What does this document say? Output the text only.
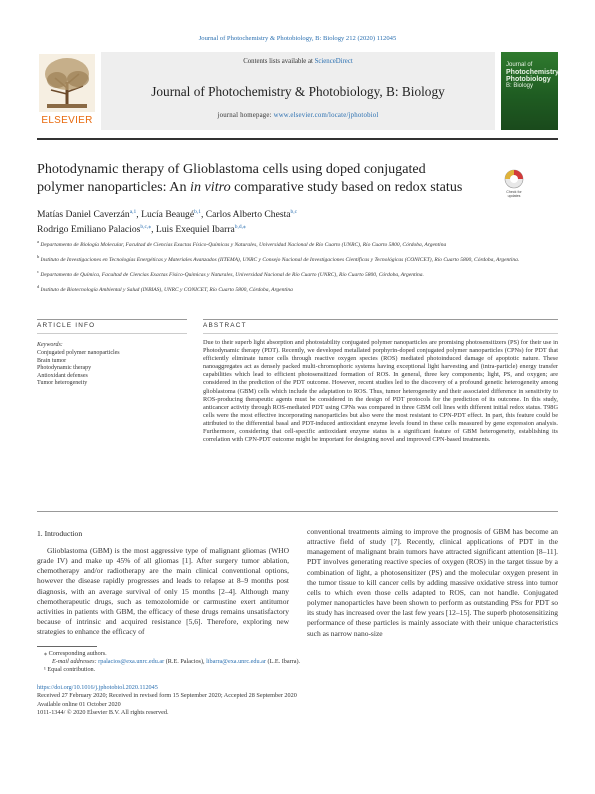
Journal of Photochemistry & Photobiology, B: Biology 212 (2020) 112045
ELSEVIER
Contents lists available at ScienceDirect
Journal of Photochemistry & Photobiology, B: Biology
journal homepage: www.elsevier.com/locate/jphotobiol
Journal of
Photochemistry
Photobiology
B: Biology
Photodynamic therapy of Glioblastoma cells using doped conjugated
polymer nanoparticles: An in vitro comparative study based on redox status	Check for
updates
Matías Daniel Caverzán$^{a,1}$, Lucía Beaugé$^{b,1}$, Carlos Alberto Chesta$^{b,c}$
Rodrigo Emiliano Palacios$^{b,c,⁎}$, Luis Exequiel Ibarra$^{b,d,⁎}$
$^a$ Departamento de Biología Molecular, Facultad de Ciencias Exactas Físico-Químicas y Naturales, Universidad Nacional de Río Cuarto (UNRC), Río Cuarto 5800, Córdoba, Argentina
$^b$ Instituto de Investigaciones en Tecnologías Energéticas y Materiales Avanzados (IITEMA), UNRC y Consejo Nacional de Investigaciones Científicas y Tecnológicas (CONICET), Río Cuarto 5800, Córdoba, Argentina.
$^c$ Departamento de Química, Facultad de Ciencias Exactas Físico-Químicas y Naturales, Universidad Nacional de Río Cuarto (UNRC), Río Cuarto 5800, Córdoba, Argentina.
$^d$ Instituto de Biotecnología Ambiental y Salud (INBIAS), UNRC y CONICET, Río Cuarto 5800, Córdoba, Argentina
ARTICLE INFO	ABSTRACT
Keywords:
Conjugated polymer nanoparticles
Brain tumor
Photodynamic therapy
Antioxidant defenses
Tumor heterogeneity
Due to their superb light absorption and photostability conjugated polymer nanoparticles are promising photosensitizers (PS) for their use in Photodynamic therapy (PDT). Recently, we developed metallated porphyrin-doped conjugated polymer nanoparticles (CPNs) for PDT that efficiently eliminate tumor cells through reactive oxygen species (ROS) mediated photoinduced damage of apoptotic nature. These nanoaggregates act as densely packed multi-chromophoric systems having exceptional light harvesting and (intra-particle) energy transfer capabilities which lead to efficient photosensitized formation of ROS. In general, three key components; light, PS, and oxygen; are considered in the prediction of the PDT outcome. However, recent studies led to the discovery of a profound genetic heterogeneity among glioblastoma (GBM) cells which include the adaptation to ROS. Thus, tumor heterogeneity and their associated difference in sensitivity to ROS-producing therapeutic agents must be considered in the design of PDT protocols for the prediction of its outcome. In this study, anticancer activity through ROS-mediated PDT using CPNs was compared in three GBM cell lines with different initial redox status. T98G cells were the most effective incorporating nanoparticles but also were the most resistant to CPN-PDT effect. In part, this feature could be attributed to the differential basal and PDT-induced antioxidant enzyme levels found in these cells measured by gene expression analysis. Furthermore, considering that cell-specific antioxidant enzyme status is a significant feature of GBM heterogeneity, establishing its correlation with CPN-PDT outcome might be important for designing novel and improved CPN-based treatments.
1. Introduction
Glioblastoma (GBM) is the most aggressive type of malignant gliomas (WHO grade IV) and make up 45% of all gliomas [1]. After surgery tumor ablation, chemotherapy and/or radiotherapy are the main clinical conventional options, however the disease rapidly progresses and leads to relapse at 8–9 months post diagnosis, with an average survival of only 15 months [2–4]. Although many chemotherapeutic drugs, such as temozolomide or carmustine exert antitumor activities in patients with GBM, the efficacy of these drugs remains unsatisfactory because of intrinsic and acquired resistance [5,6]. Therefore, exploring new strategies to enhance the efficacy of
conventional treatments aiming to improve the prognosis of GBM has become an attractive field of study [7]. Recently, clinical applications of PDT in the management of malignant brain tumors have attracted significant attention [8–11]. PDT involves generating reactive species of oxygen (ROS) in the target tissue by a combination of light, a photosensitizer (PS) and the molecular oxygen present in the tumor tissue to kill cancer cells by adding massive oxidative stress into tumor cells to which even those cells adapted to ROS, can not handle. Conjugated polymer nanoparticles have been shown to perform as outstanding PSs for PDT so its study has increased over the last few years [12–15]. The superb photosensitizing performance of these particles is mainly associate with their unique characteristics such as narrow nano-size
⁎ Corresponding authors.
E-mail addresses: rpalacios@exa.unrc.edu.ar (R.E. Palacios), libarra@exa.unrc.edu.ar (L.E. Ibarra).
¹ Equal contribution.
https://doi.org/10.1016/j.jphotobiol.2020.112045
Received 27 February 2020; Received in revised form 15 September 2020; Accepted 28 September 2020
Available online 01 October 2020
1011-1344/ © 2020 Elsevier B.V. All rights reserved.
